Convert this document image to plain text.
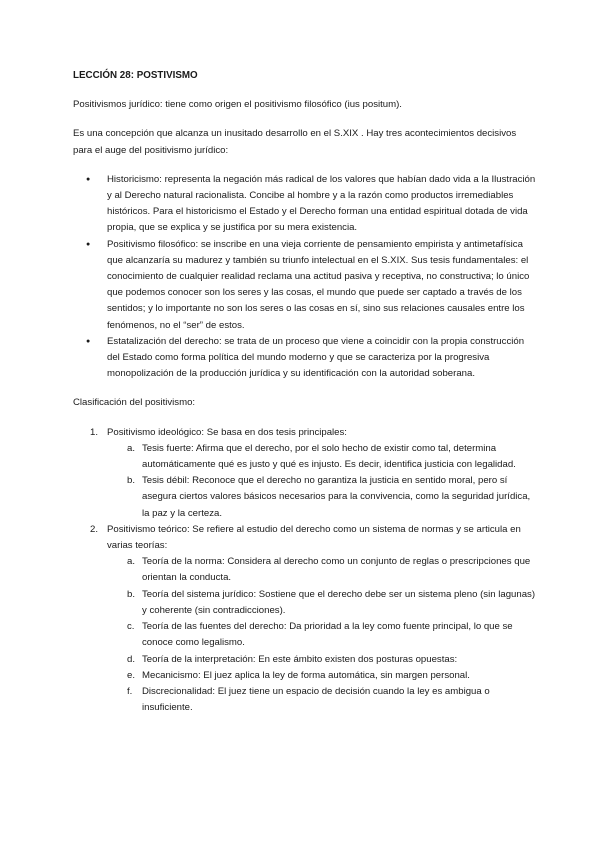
LECCIÓN 28: POSTIVISMO

Positivismos jurídico: tiene como origen el positivismo filosófico (ius positum).

Es una concepción que alcanza un inusitado desarrollo en el S.XIX . Hay tres acontecimientos decisivos para el auge del positivismo jurídico:

● Historicismo: representa la negación más radical de los valores que habían dado vida a la Ilustración y al Derecho natural racionalista. Concibe al hombre y a la razón como productos irremediables históricos. Para el historicismo el Estado y el Derecho forman una entidad espiritual dotada de vida propia, que se explica y se justifica por su mera existencia.
● Positivismo filosófico: se inscribe en una vieja corriente de pensamiento empirista y antimetafísica que alcanzaría su madurez y también su triunfo intelectual en el S.XIX. Sus tesis fundamentales: el conocimiento de cualquier realidad reclama una actitud pasiva y receptiva, no constructiva; lo único que podemos conocer son los seres y las cosas, el mundo que puede ser captado a través de los sentidos; y lo importante no son los seres o las cosas en sí, sino sus relaciones causales entre los fenómenos, no el “ser” de estos.
● Estatalización del derecho: se trata de un proceso que viene a coincidir con la propia construcción del Estado como forma política del mundo moderno y que se caracteriza por la progresiva monopolización de la producción jurídica y su identificación con la autoridad soberana.

Clasificación del positivismo:

1. Positivismo ideológico: Se basa en dos tesis principales:
a. Tesis fuerte: Afirma que el derecho, por el solo hecho de existir como tal, determina automáticamente qué es justo y qué es injusto. Es decir, identifica justicia con legalidad.
b. Tesis débil: Reconoce que el derecho no garantiza la justicia en sentido moral, pero sí asegura ciertos valores básicos necesarios para la convivencia, como la seguridad jurídica, la paz y la certeza.
2. Positivismo teórico: Se refiere al estudio del derecho como un sistema de normas y se articula en varias teorías:
a. Teoría de la norma: Considera al derecho como un conjunto de reglas o prescripciones que orientan la conducta.
b. Teoría del sistema jurídico: Sostiene que el derecho debe ser un sistema pleno (sin lagunas) y coherente (sin contradicciones).
c. Teoría de las fuentes del derecho: Da prioridad a la ley como fuente principal, lo que se conoce como legalismo.
d. Teoría de la interpretación: En este ámbito existen dos posturas opuestas:
e. Mecanicismo: El juez aplica la ley de forma automática, sin margen personal.
f. Discrecionalidad: El juez tiene un espacio de decisión cuando la ley es ambigua o insuficiente.
